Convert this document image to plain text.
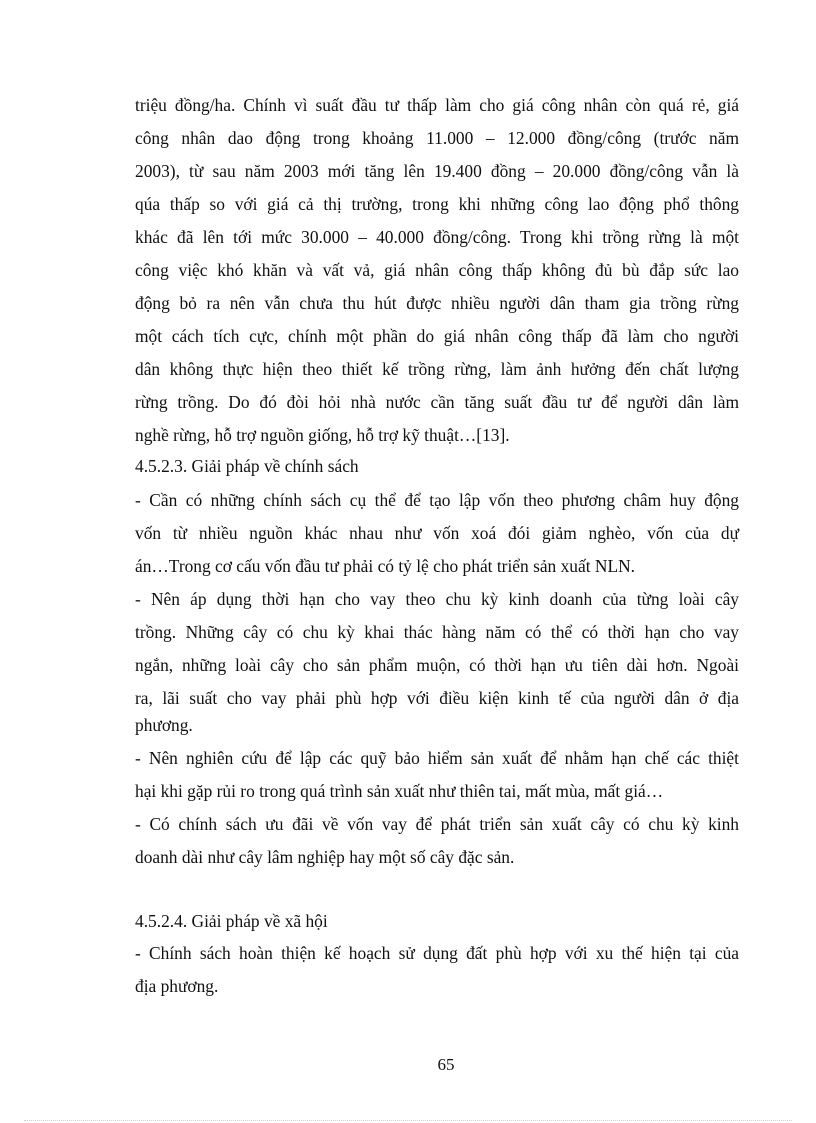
triệu đồng/ha. Chính vì suất đầu tư thấp làm cho giá công nhân còn quá rẻ, giá
công nhân dao động trong khoảng 11.000 – 12.000 đồng/công (trước năm
2003), từ sau năm 2003 mới tăng lên 19.400 đồng – 20.000 đồng/công vẫn là
qúa thấp so với giá cả thị trường, trong khi những công lao động phổ thông
khác đã lên tới mức 30.000 – 40.000 đồng/công. Trong khi trồng rừng là một
công việc khó khăn và vất vả, giá nhân công thấp không đủ bù đắp sức lao
động bỏ ra nên vẫn chưa thu hút được nhiều người dân tham gia trồng rừng
một cách tích cực, chính một phần do giá nhân công thấp đã làm cho người
dân không thực hiện theo thiết kế trồng rừng, làm ảnh hưởng đến chất lượng
rừng trồng. Do đó đòi hỏi nhà nước cần tăng suất đầu tư để người dân làm
nghề rừng, hỗ trợ nguồn giống, hỗ trợ kỹ thuật…[13].
4.5.2.3. Giải pháp về chính sách
- Cần có những chính sách cụ thể để tạo lập vốn theo phương châm huy động
vốn từ nhiều nguồn khác nhau như vốn xoá đói giảm nghèo, vốn của dự
án…Trong cơ cấu vốn đầu tư phải có tỷ lệ cho phát triển sản xuất NLN.
- Nên áp dụng thời hạn cho vay theo chu kỳ kinh doanh của từng loài cây
trồng. Những cây có chu kỳ khai thác hàng năm có thể có thời hạn cho vay
ngắn, những loài cây cho sản phẩm muộn, có thời hạn ưu tiên dài hơn. Ngoài
ra, lãi suất cho vay phải phù hợp với điều kiện kinh tế của người dân ở địa
phương.
- Nên nghiên cứu để lập các quỹ bảo hiểm sản xuất để nhằm hạn chế các thiệt
hại khi gặp rủi ro trong quá trình sản xuất như thiên tai, mất mùa, mất giá…
- Có chính sách ưu đãi về vốn vay để phát triển sản xuất cây có chu kỳ kinh
doanh dài như cây lâm nghiệp hay một số cây đặc sản.
4.5.2.4. Giải pháp về xã hội
- Chính sách hoàn thiện kế hoạch sử dụng đất phù hợp với xu thế hiện tại của
địa phương.
65
